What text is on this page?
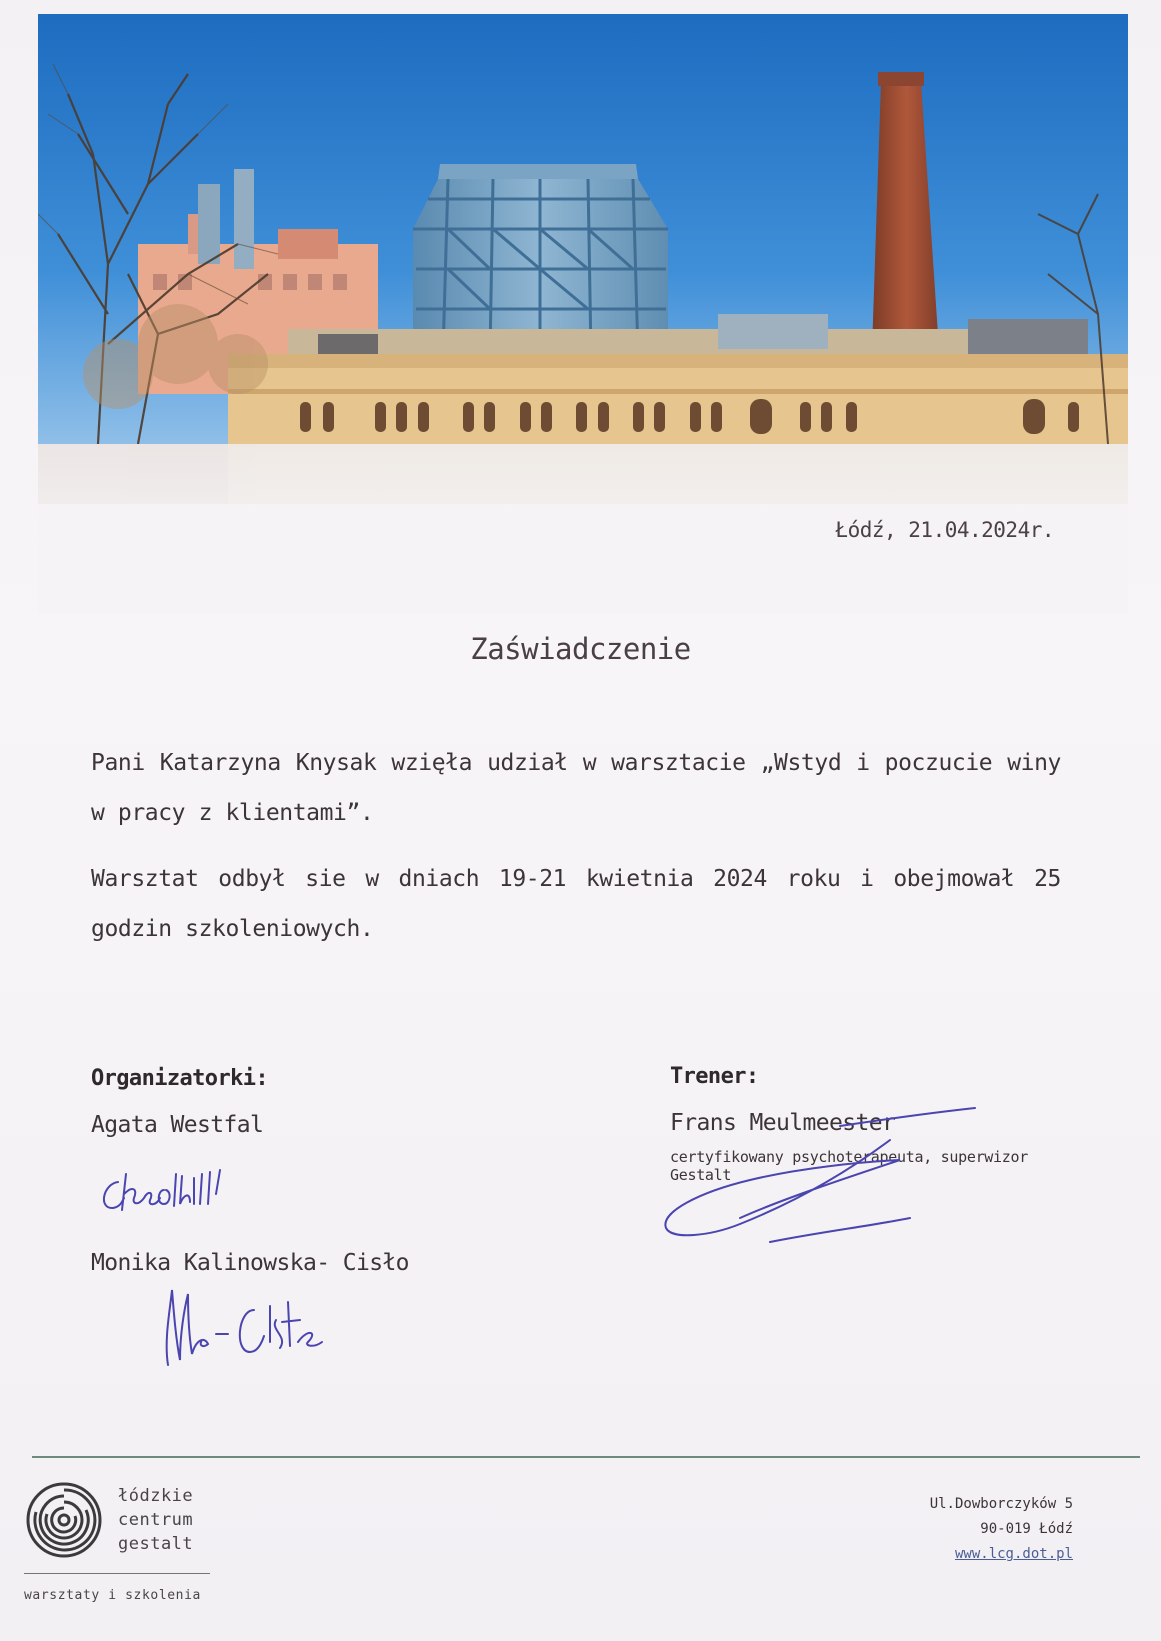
Łódź, 21.04.2024r.
Zaświadczenie
Pani Katarzyna Knysak wzięła udział w warsztacie „Wstyd i poczucie winy w pracy z klientami”.
Warsztat odbył sie w dniach 19-21 kwietnia 2024 roku i obejmował 25 godzin szkoleniowych.
Organizatorki:
Agata Westfal
Monika Kalinowska- Cisło
Trener:
Frans Meulmeester
certyfikowany psychoterapeuta, superwizor
Gestalt
łódzkie
centrum
gestalt
warsztaty i szkolenia
Ul.Dowborczyków 5
90-019 Łódź
www.lcg.dot.pl
